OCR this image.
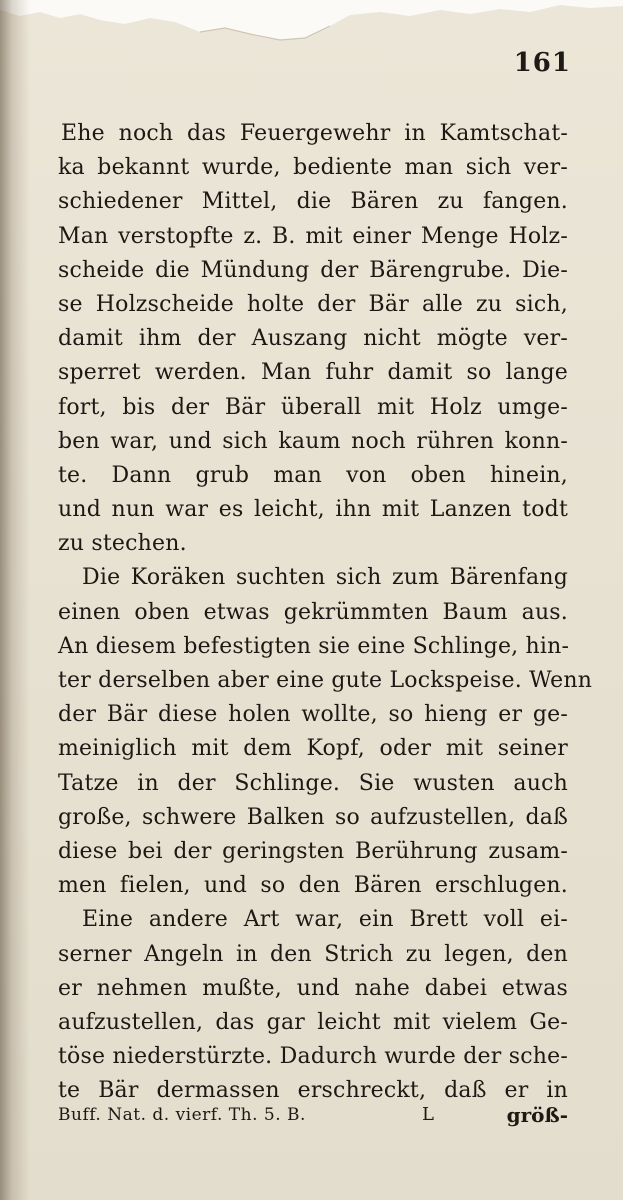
161
Ehe noch das Feuergewehr in Kamtschat-
ka bekannt wurde, bediente man sich ver-
schiedener Mittel, die Bären zu fangen.
Man verstopfte z. B. mit einer Menge Holz-
scheide die Mündung der Bärengrube. Die-
se Holzscheide holte der Bär alle zu sich,
damit ihm der Auszang nicht mögte ver-
sperret werden. Man fuhr damit so lange
fort, bis der Bär überall mit Holz umge-
ben war, und sich kaum noch rühren konn-
te. Dann grub man von oben hinein,
und nun war es leicht, ihn mit Lanzen todt
zu stechen.
Die Koräken suchten sich zum Bärenfang
einen oben etwas gekrümmten Baum aus.
An diesem befestigten sie eine Schlinge, hin-
ter derselben aber eine gute Lockspeise. Wenn
der Bär diese holen wollte, so hieng er ge-
meiniglich mit dem Kopf, oder mit seiner
Tatze in der Schlinge. Sie wusten auch
große, schwere Balken so aufzustellen, daß
diese bei der geringsten Berührung zusam-
men fielen, und so den Bären erschlugen.
Eine andere Art war, ein Brett voll ei-
serner Angeln in den Strich zu legen, den
er nehmen mußte, und nahe dabei etwas
aufzustellen, das gar leicht mit vielem Ge-
töse niederstürzte. Dadurch wurde der sche-
te Bär dermassen erschreckt, daß er in
Buff. Nat. d. vierf. Th. 5. B.	L	größ-
